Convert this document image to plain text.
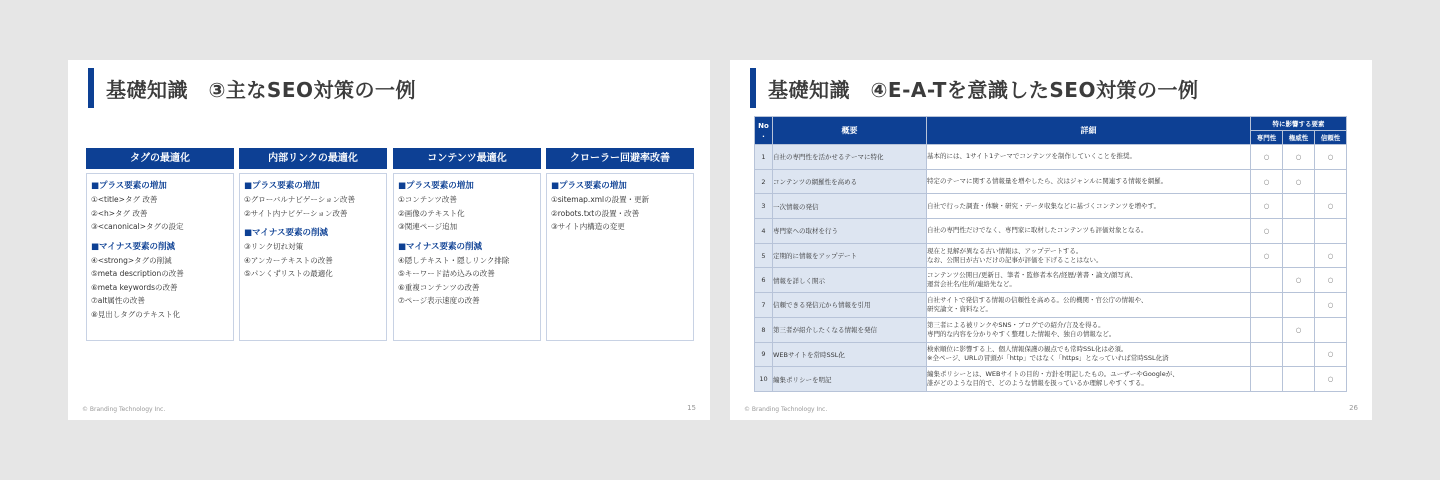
基礎知識　③主なSEO対策の一例
タグの最適化
■プラス要素の増加
①<title>タグ 改善
②<h>タグ 改善
③<canonical>タグの設定
■マイナス要素の削減
④<strong>タグの削減
⑤meta descriptionの改善
⑥meta keywordsの改善
⑦alt属性の改善
⑧見出しタグのテキスト化
内部リンクの最適化
■プラス要素の増加
①グローバルナビゲーション改善
②サイト内ナビゲーション改善
■マイナス要素の削減
③リンク切れ対策
④アンカーテキストの改善
⑤パンくずリストの最適化
コンテンツ最適化
■プラス要素の増加
①コンテンツ改善
②画像のテキスト化
③関連ページ追加
■マイナス要素の削減
④隠しテキスト・隠しリンク排除
⑤キーワード詰め込みの改善
⑥重複コンテンツの改善
⑦ページ表示速度の改善
クローラー回避率改善
■プラス要素の増加
①sitemap.xmlの設置・更新
②robots.txtの設置・改善
③サイト内構造の変更
© Branding Technology Inc.	15
基礎知識　④E-A-Tを意識したSEO対策の一例
No
.	概要	詳細	特に影響する要素		
			専門性	権威性	信頼性
1	自社の専門性を活かせるテーマに特化	基本的には、1サイト1テーマでコンテンツを制作していくことを推奨。	○	○	○
2	コンテンツの網羅性を高める	特定のテーマに関する情報量を増やしたら、次はジャンルに関連する情報を網羅。	○	○	
3	一次情報の発信	自社で行った調査・体験・研究・データ収集などに基づくコンテンツを増やす。	○		○
4	専門家への取材を行う	自社の専門性だけでなく、専門家に取材したコンテンツも評価対象となる。	○		
5	定期的に情報をアップデート	現在と見解が異なる古い情報は、アップデートする。
なお、公開日が古いだけの記事が評価を下げることはない。	○		○
6	情報を詳しく開示	コンテンツ公開日/更新日、筆者・監修者本名/経歴/著書・論文/顔写真、
運営会社名/住所/連絡先など。		○	○
7	信頼できる発信元から情報を引用	自社サイトで発信する情報の信頼性を高める。公的機関・官公庁の情報や、
研究論文・資料など。			○
8	第三者が紹介したくなる情報を発信	第三者による被リンクやSNS・ブログでの紹介/言及を得る。
専門的な内容を分かりやすく整理した情報や、独自の情報など。		○	
9	WEBサイトを常時SSL化	検索順位に影響する上、個人情報保護の観点でも常時SSL化は必須。
※全ページ、URLの冒頭が「http」ではなく「https」となっていれば常時SSL化済			○
10	編集ポリシーを明記	編集ポリシーとは、WEBサイトの目的・方針を明記したもの。ユーザーやGoogleが、
誰がどのような目的で、どのような情報を扱っているか理解しやすくする。			○
© Branding Technology Inc.	26
